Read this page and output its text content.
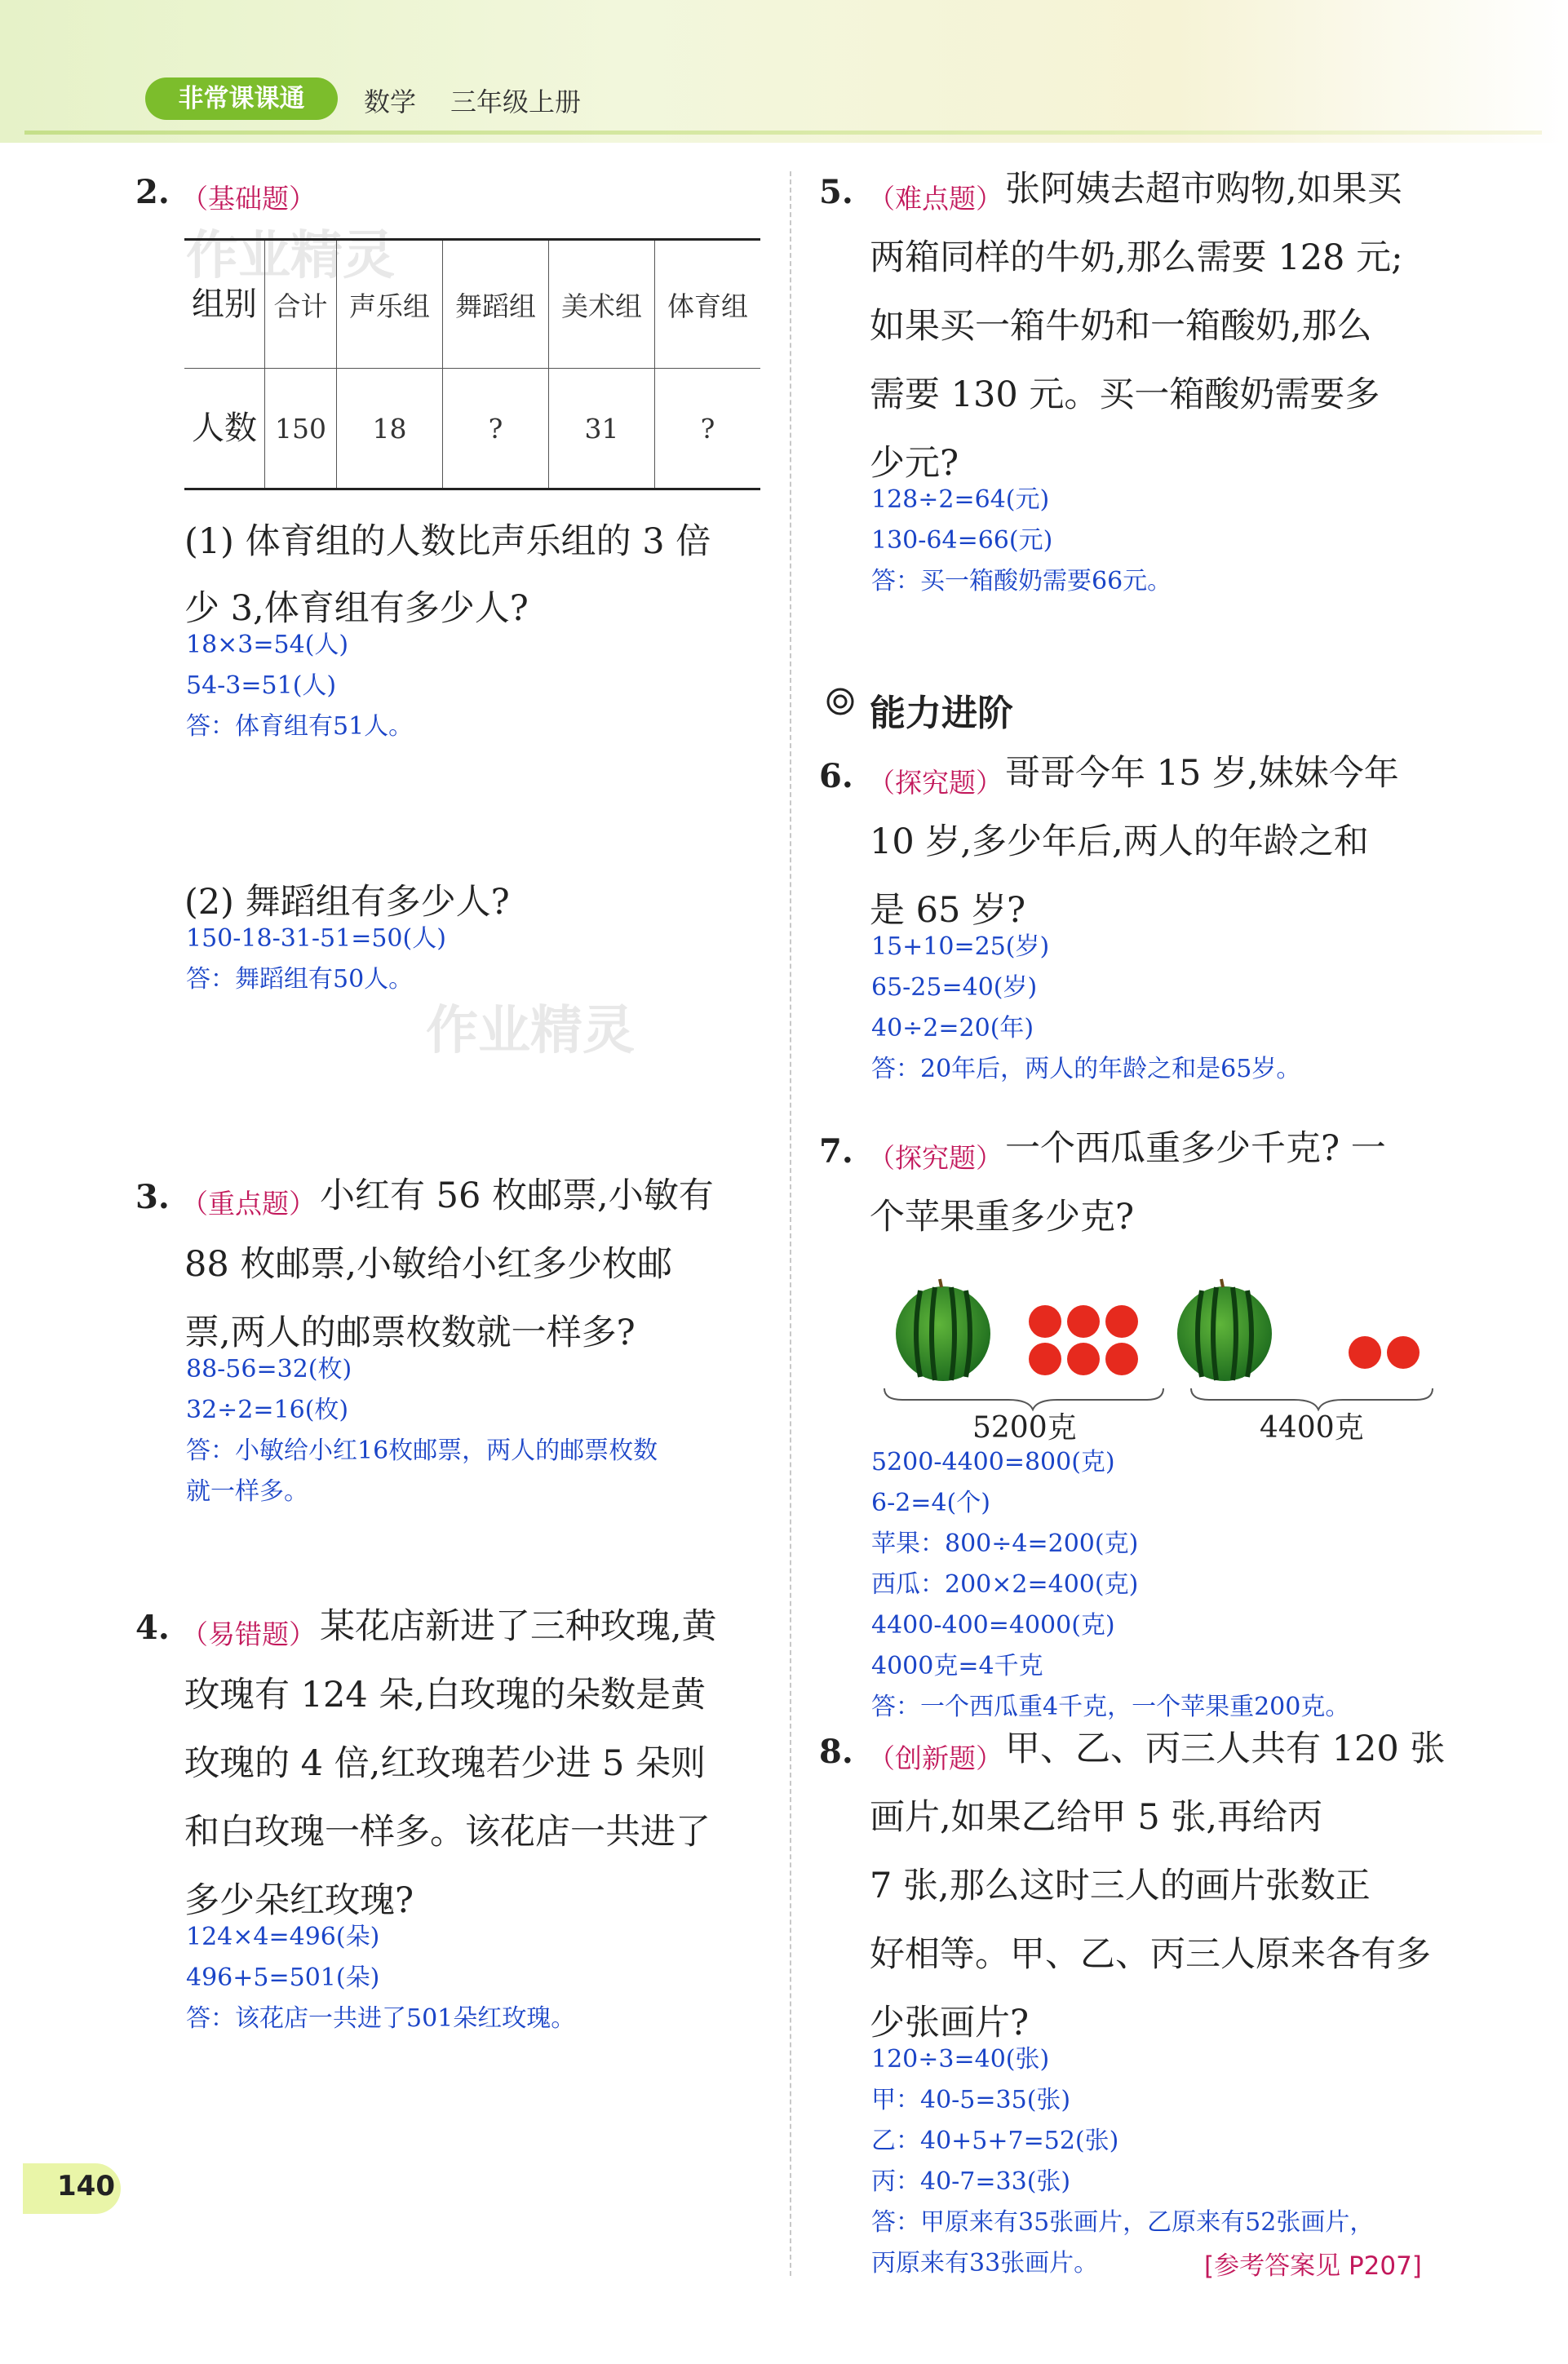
非常课课通	数学 三年级上册
作业精灵
作业精灵
2. （基础题）
组别	合计	声乐组	舞蹈组	美术组	体育组
人数	150	18	?	31	?
(1) 体育组的人数比声乐组的 3 倍
少 3,体育组有多少人?
18×3=54(人)
54-3=51(人)
答：体育组有51人。
(2) 舞蹈组有多少人?
150-18-31-51=50(人)
答：舞蹈组有50人。
3. （重点题） 小红有 56 枚邮票,小敏有
88 枚邮票,小敏给小红多少枚邮
票,两人的邮票枚数就一样多?
88-56=32(枚)
32÷2=16(枚)
答：小敏给小红16枚邮票，两人的邮票枚数
就一样多。
4. （易错题） 某花店新进了三种玫瑰,黄
玫瑰有 124 朵,白玫瑰的朵数是黄
玫瑰的 4 倍,红玫瑰若少进 5 朵则
和白玫瑰一样多。该花店一共进了
多少朵红玫瑰?
124×4=496(朵)
496+5=501(朵)
答：该花店一共进了501朵红玫瑰。
5. （难点题） 张阿姨去超市购物,如果买
两箱同样的牛奶,那么需要 128 元;
如果买一箱牛奶和一箱酸奶,那么
需要 130 元。买一箱酸奶需要多
少元?
128÷2=64(元)
130-64=66(元)
答：买一箱酸奶需要66元。
能力进阶
6. （探究题） 哥哥今年 15 岁,妹妹今年
10 岁,多少年后,两人的年龄之和
是 65 岁?
15+10=25(岁)
65-25=40(岁)
40÷2=20(年)
答：20年后，两人的年龄之和是65岁。
7. （探究题） 一个西瓜重多少千克? 一
个苹果重多少克?
5200克	4400克
5200-4400=800(克)
6-2=4(个)
苹果：800÷4=200(克)
西瓜：200×2=400(克)
4400-400=4000(克)
4000克=4千克
答：一个西瓜重4千克，一个苹果重200克。
8. （创新题） 甲、乙、丙三人共有 120 张
画片,如果乙给甲 5 张,再给丙
7 张,那么这时三人的画片张数正
好相等。甲、乙、丙三人原来各有多
少张画片?
120÷3=40(张)
甲：40-5=35(张)
乙：40+5+7=52(张)
丙：40-7=33(张)
答：甲原来有35张画片，乙原来有52张画片，
丙原来有33张画片。
140
[参考答案见 P207]
